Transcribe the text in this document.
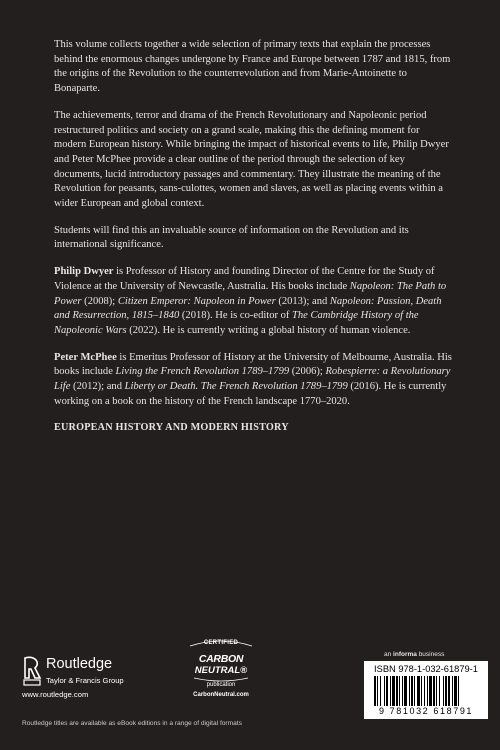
This volume collects together a wide selection of primary texts that explain the processes behind the enormous changes undergone by France and Europe between 1787 and 1815, from the origins of the Revolution to the counterrevolution and from Marie-Antoinette to Bonaparte.

The achievements, terror and drama of the French Revolutionary and Napoleonic period restructured politics and society on a grand scale, making this the defining moment for modern European history. While bringing the impact of historical events to life, Philip Dwyer and Peter McPhee provide a clear outline of the period through the selection of key documents, lucid introductory passages and commentary. They illustrate the meaning of the Revolution for peasants, sans-culottes, women and slaves, as well as placing events within a wider European and global context.

Students will find this an invaluable source of information on the Revolution and its international significance.

Philip Dwyer is Professor of History and founding Director of the Centre for the Study of Violence at the University of Newcastle, Australia. His books include Napoleon: The Path to Power (2008); Citizen Emperor: Napoleon in Power (2013); and Napoleon: Passion, Death and Resurrection, 1815–1840 (2018). He is co-editor of The Cambridge History of the Napoleonic Wars (2022). He is currently writing a global history of human violence.

Peter McPhee is Emeritus Professor of History at the University of Melbourne, Australia. His books include Living the French Revolution 1789–1799 (2006); Robespierre: a Revolutionary Life (2012); and Liberty or Death. The French Revolution 1789–1799 (2016). He is currently working on a book on the history of the French landscape 1770–2020.

EUROPEAN HISTORY AND MODERN HISTORY
an informa business
Routledge
Taylor & Francis Group
www.routledge.com
Routledge titles are available as eBook editions in a range of digital formats
CERTIFIED
CARBON
NEUTRAL®
publication
CarbonNeutral.com
ISBN 978-1-032-61879-1
9 781032 618791
